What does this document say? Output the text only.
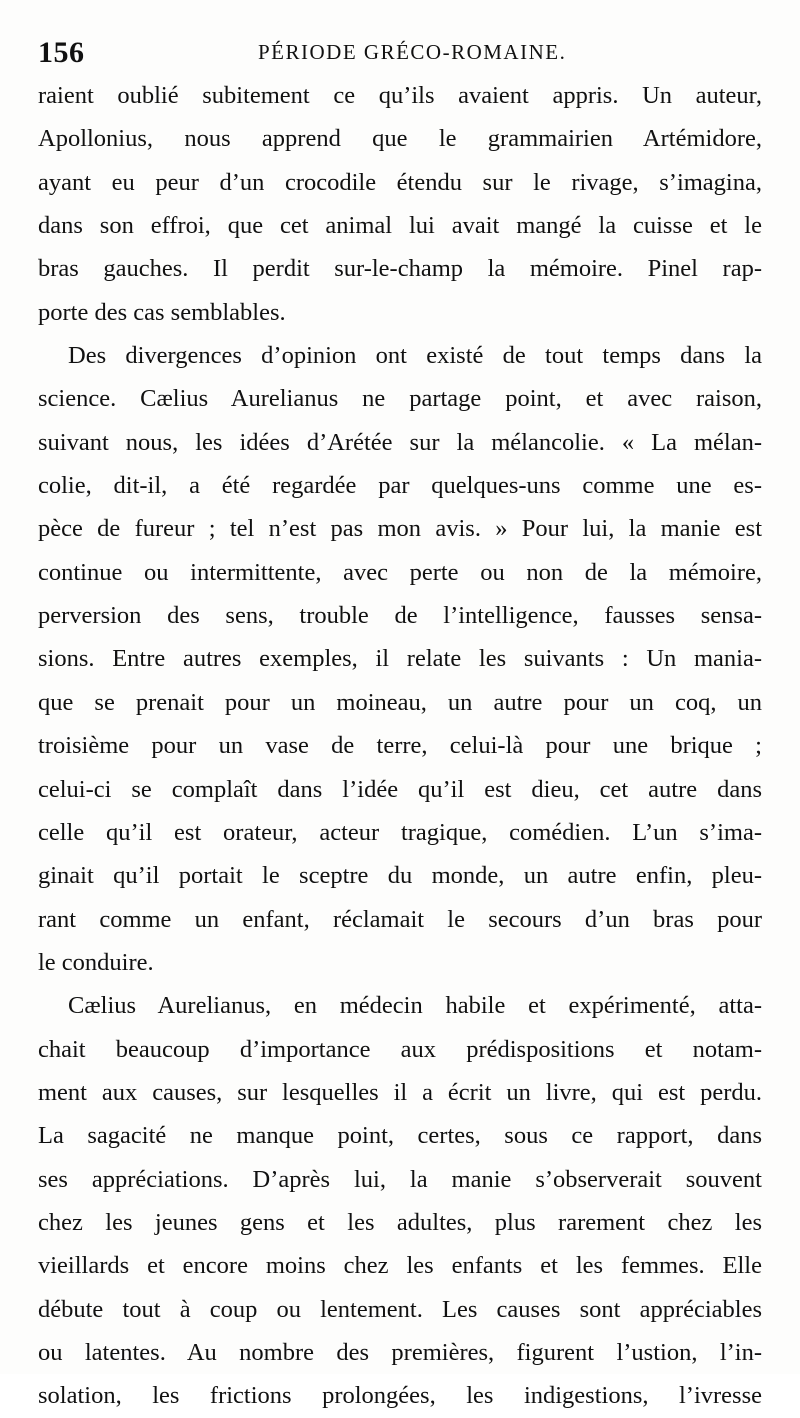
156	PÉRIODE GRÉCO-ROMAINE.
raient oublié subitement ce qu’ils avaient appris. Un auteur,
Apollonius, nous apprend que le grammairien Artémidore,
ayant eu peur d’un crocodile étendu sur le rivage, s’imagina,
dans son effroi, que cet animal lui avait mangé la cuisse et le
bras gauches. Il perdit sur-le-champ la mémoire. Pinel rap-
porte des cas semblables.
Des divergences d’opinion ont existé de tout temps dans la
science. Cælius Aurelianus ne partage point, et avec raison,
suivant nous, les idées d’Arétée sur la mélancolie. « La mélan-
colie, dit-il, a été regardée par quelques-uns comme une es-
pèce de fureur ; tel n’est pas mon avis. » Pour lui, la manie est
continue ou intermittente, avec perte ou non de la mémoire,
perversion des sens, trouble de l’intelligence, fausses sensa-
sions. Entre autres exemples, il relate les suivants : Un mania-
que se prenait pour un moineau, un autre pour un coq, un
troisième pour un vase de terre, celui-là pour une brique ;
celui-ci se complaît dans l’idée qu’il est dieu, cet autre dans
celle qu’il est orateur, acteur tragique, comédien. L’un s’ima-
ginait qu’il portait le sceptre du monde, un autre enfin, pleu-
rant comme un enfant, réclamait le secours d’un bras pour
le conduire.
Cælius Aurelianus, en médecin habile et expérimenté, atta-
chait beaucoup d’importance aux prédispositions et notam-
ment aux causes, sur lesquelles il a écrit un livre, qui est perdu.
La sagacité ne manque point, certes, sous ce rapport, dans
ses appréciations. D’après lui, la manie s’observerait souvent
chez les jeunes gens et les adultes, plus rarement chez les
vieillards et encore moins chez les enfants et les femmes. Elle
débute tout à coup ou lentement. Les causes sont appréciables
ou latentes. Au nombre des premières, figurent l’ustion, l’in-
solation, les frictions prolongées, les indigestions, l’ivresse
